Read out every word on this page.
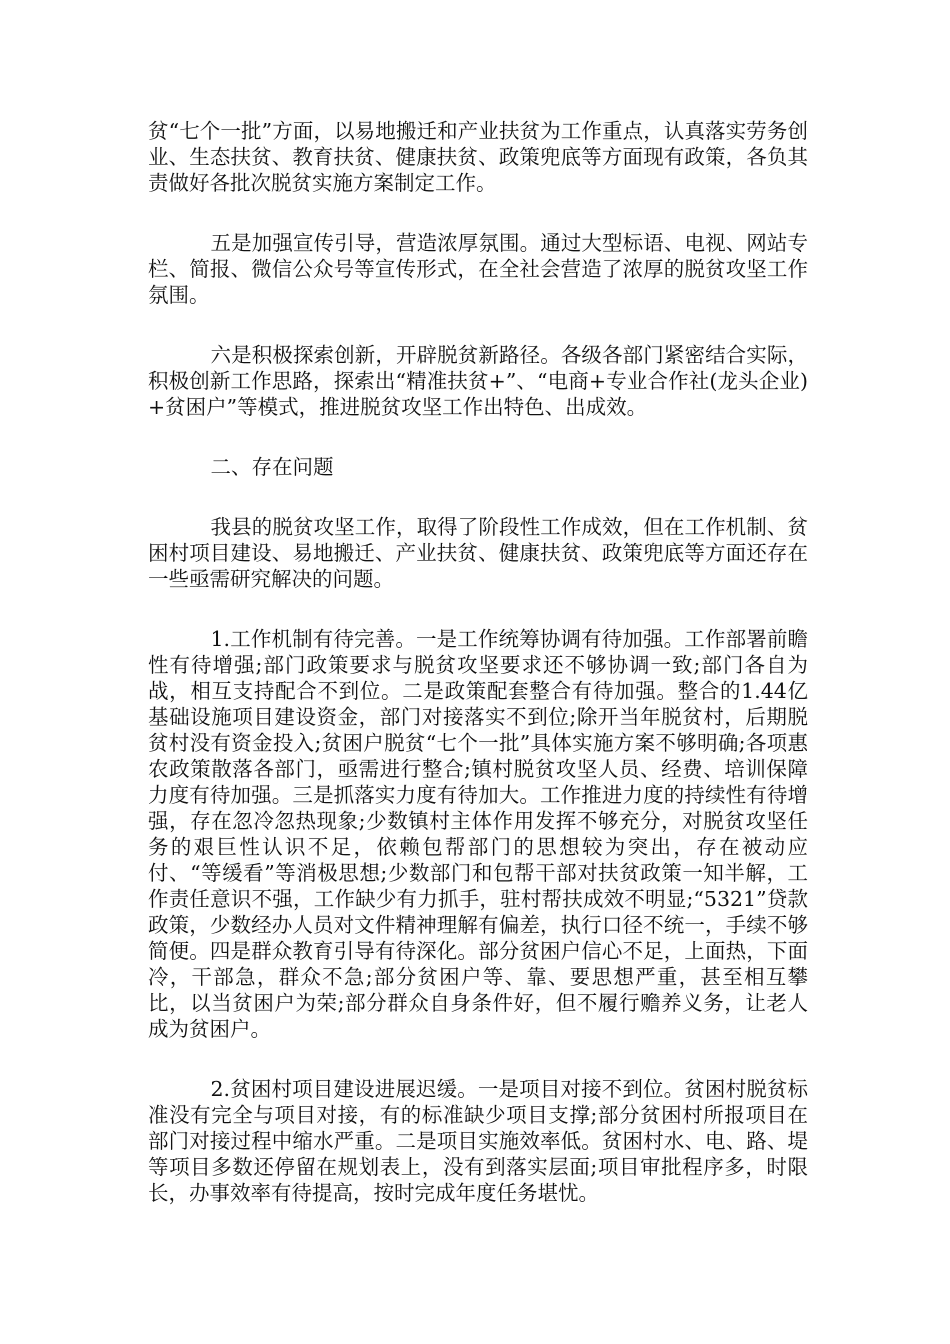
贫“七个一批”方面，以易地搬迁和产业扶贫为工作重点，认真落实劳务创业、生态扶贫、教育扶贫、健康扶贫、政策兜底等方面现有政策，各负其责做好各批次脱贫实施方案制定工作。

五是加强宣传引导，营造浓厚氛围。通过大型标语、电视、网站专栏、简报、微信公众号等宣传形式，在全社会营造了浓厚的脱贫攻坚工作氛围。

六是积极探索创新，开辟脱贫新路径。各级各部门紧密结合实际，积极创新工作思路，探索出“精准扶贫+”、“电商+专业合作社(龙头企业)+贫困户”等模式，推进脱贫攻坚工作出特色、出成效。

二、存在问题

我县的脱贫攻坚工作，取得了阶段性工作成效，但在工作机制、贫困村项目建设、易地搬迁、产业扶贫、健康扶贫、政策兜底等方面还存在一些亟需研究解决的问题。

1.工作机制有待完善。一是工作统筹协调有待加强。工作部署前瞻性有待增强;部门政策要求与脱贫攻坚要求还不够协调一致;部门各自为战，相互支持配合不到位。二是政策配套整合有待加强。整合的1.44亿基础设施项目建设资金，部门对接落实不到位;除开当年脱贫村，后期脱贫村没有资金投入;贫困户脱贫“七个一批”具体实施方案不够明确;各项惠农政策散落各部门，亟需进行整合;镇村脱贫攻坚人员、经费、培训保障力度有待加强。三是抓落实力度有待加大。工作推进力度的持续性有待增强，存在忽冷忽热现象;少数镇村主体作用发挥不够充分，对脱贫攻坚任务的艰巨性认识不足，依赖包帮部门的思想较为突出，存在被动应付、“等缓看”等消极思想;少数部门和包帮干部对扶贫政策一知半解，工作责任意识不强，工作缺少有力抓手，驻村帮扶成效不明显;“5321”贷款政策，少数经办人员对文件精神理解有偏差，执行口径不统一，手续不够简便。四是群众教育引导有待深化。部分贫困户信心不足，上面热，下面冷，干部急，群众不急;部分贫困户等、靠、要思想严重，甚至相互攀比，以当贫困户为荣;部分群众自身条件好，但不履行赡养义务，让老人成为贫困户。

2.贫困村项目建设进展迟缓。一是项目对接不到位。贫困村脱贫标准没有完全与项目对接，有的标准缺少项目支撑;部分贫困村所报项目在部门对接过程中缩水严重。二是项目实施效率低。贫困村水、电、路、堤等项目多数还停留在规划表上，没有到落实层面;项目审批程序多，时限长，办事效率有待提高，按时完成年度任务堪忧。
